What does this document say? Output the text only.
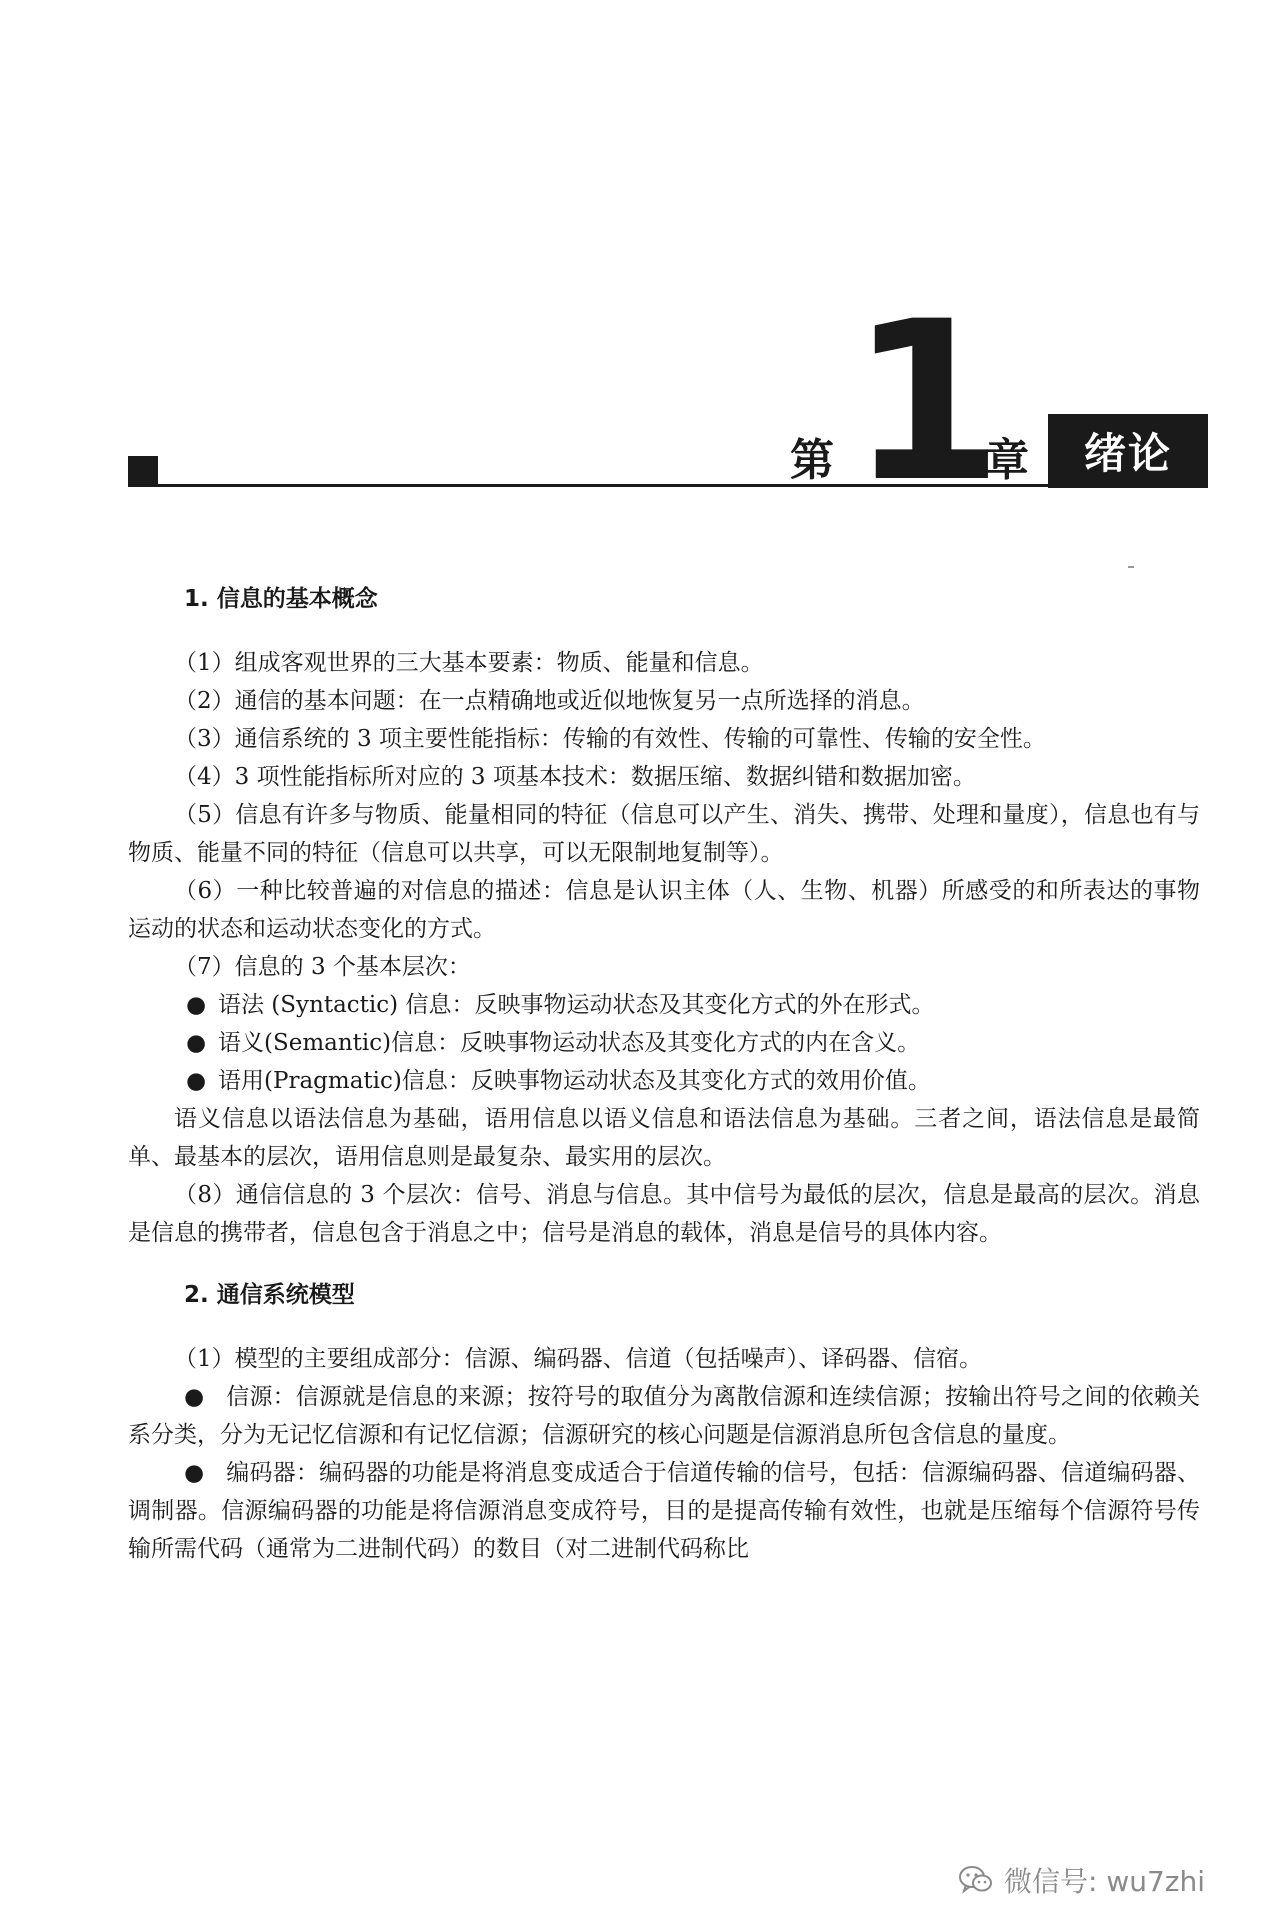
第 1
章	绪论
1. 信息的基本概念

（1）组成客观世界的三大基本要素：物质、能量和信息。

（2）通信的基本问题：在一点精确地或近似地恢复另一点所选择的消息。

（3）通信系统的 3 项主要性能指标：传输的有效性、传输的可靠性、传输的安全性。

（4）3 项性能指标所对应的 3 项基本技术：数据压缩、数据纠错和数据加密。

（5）信息有许多与物质、能量相同的特征（信息可以产生、消失、携带、处理和量度），信息也有与物质、能量不同的特征（信息可以共享，可以无限制地复制等）。

（6）一种比较普遍的对信息的描述：信息是认识主体（人、生物、机器）所感受的和所表达的事物运动的状态和运动状态变化的方式。

（7）信息的 3 个基本层次：

● 语法 (Syntactic) 信息：反映事物运动状态及其变化方式的外在形式。

● 语义(Semantic)信息：反映事物运动状态及其变化方式的内在含义。

● 语用(Pragmatic)信息：反映事物运动状态及其变化方式的效用价值。

语义信息以语法信息为基础，语用信息以语义信息和语法信息为基础。三者之间，语法信息是最简单、最基本的层次，语用信息则是最复杂、最实用的层次。

（8）通信信息的 3 个层次：信号、消息与信息。其中信号为最低的层次，信息是最高的层次。消息是信息的携带者，信息包含于消息之中；信号是消息的载体，消息是信号的具体内容。

2. 通信系统模型

（1）模型的主要组成部分：信源、编码器、信道（包括噪声）、译码器、信宿。

● 信源：信源就是信息的来源；按符号的取值分为离散信源和连续信源；按输出符号之间的依赖关系分类，分为无记忆信源和有记忆信源；信源研究的核心问题是信源消息所包含信息的量度。

● 编码器：编码器的功能是将消息变成适合于信道传输的信号，包括：信源编码器、信道编码器、调制器。信源编码器的功能是将信源消息变成符号，目的是提高传输有效性，也就是压缩每个信源符号传输所需代码（通常为二进制代码）的数目（对二进制代码称比

微信号: wu7zhi
